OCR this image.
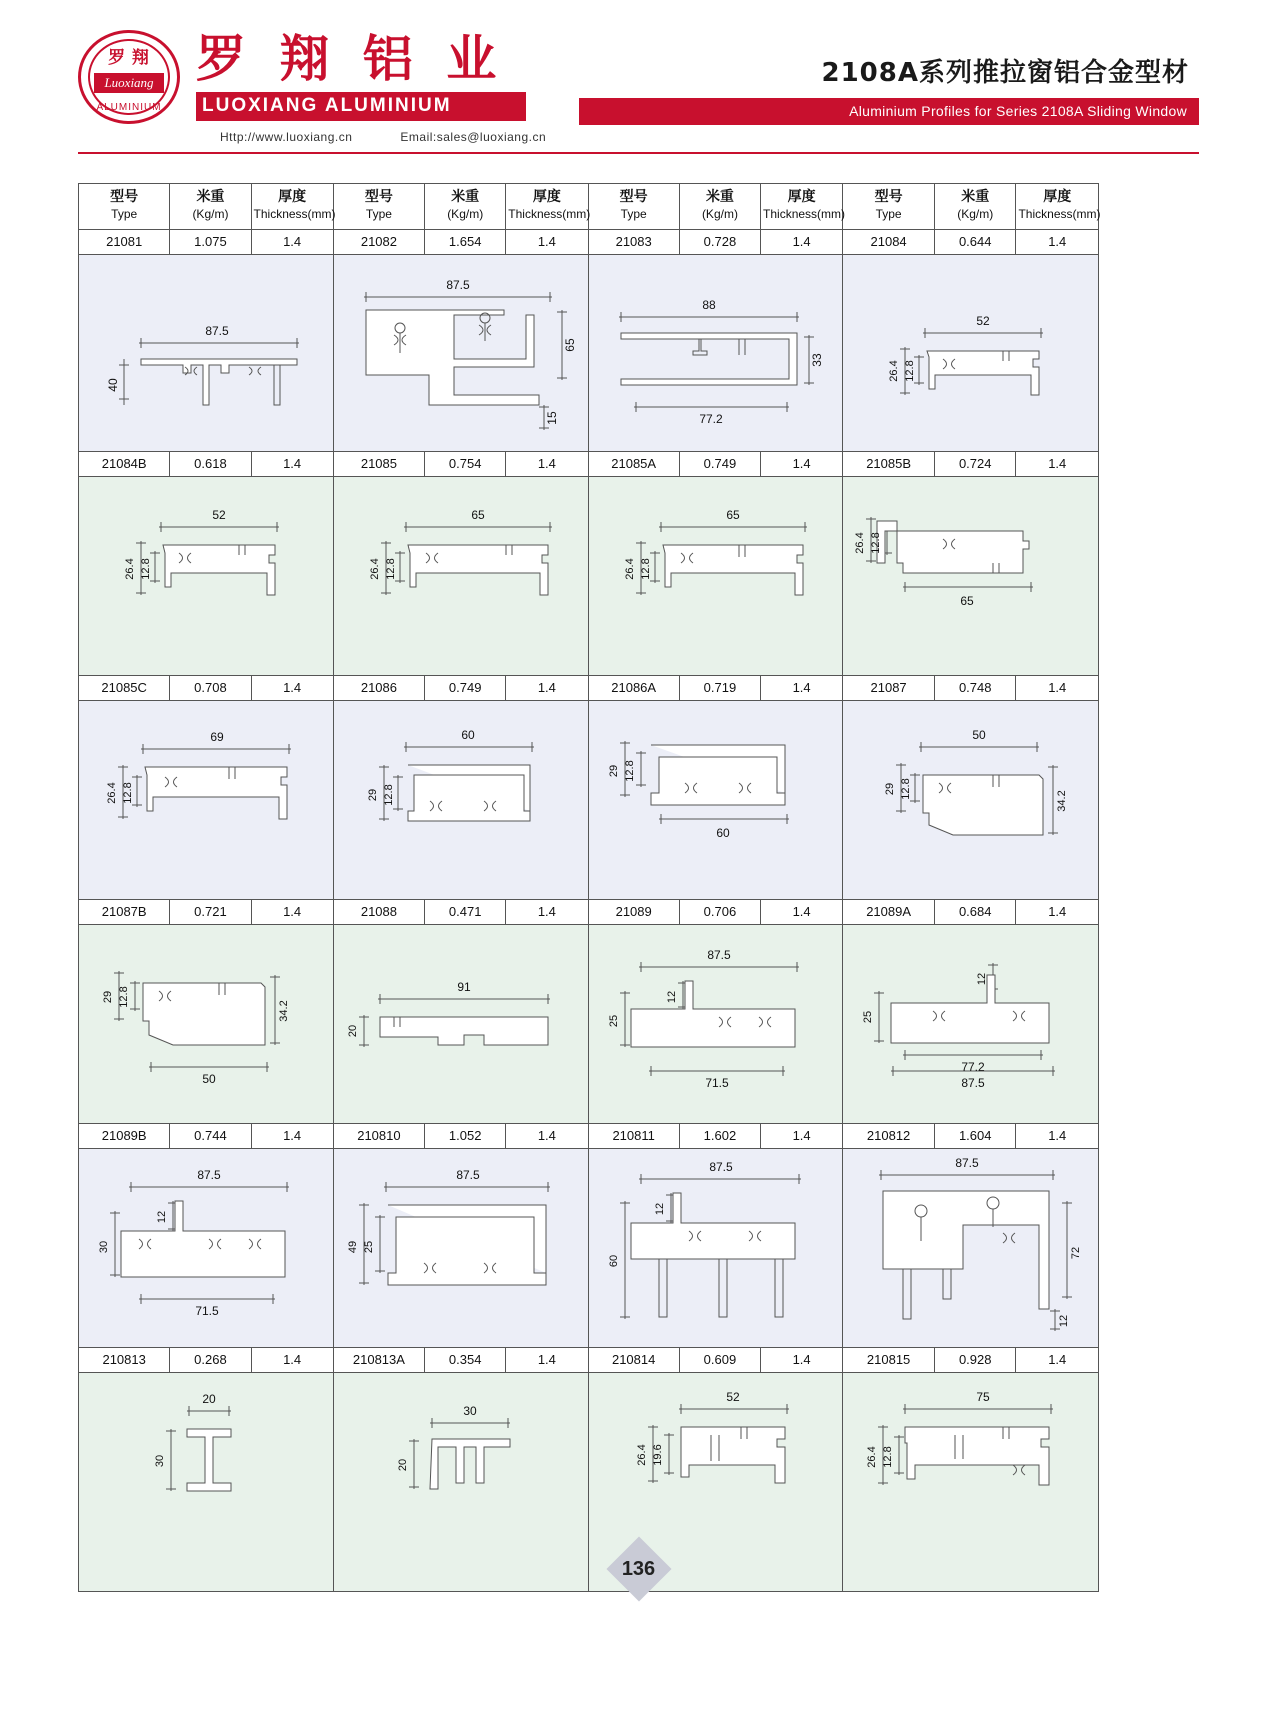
罗 翔
Luoxiang
ALUMINIUM
罗 翔 铝 业
LUOXIANG ALUMINIUM
Http://www.luoxiang.cn	Email:sales@luoxiang.cn
2108A系列推拉窗铝合金型材
Aluminium Profiles for Series 2108A Sliding Window
型号
Type
米重
(Kg/m)
厚度
Thickness(mm)
型号
Type
米重
(Kg/m)
厚度
Thickness(mm)
型号
Type
米重
(Kg/m)
厚度
Thickness(mm)
型号
Type
米重
(Kg/m)
厚度
Thickness(mm)
21081	1.075	1.4	21082	1.654	1.4	21083	0.728	1.4	21084	0.644	1.4
87.5
40
87.5
65
15
88
33
77.2
52
26.4 12.8
21084B	0.618	1.4	21085	0.754	1.4	21085A	0.749	1.4	21085B	0.724	1.4
52
26.4 12.8
65
26.4 12.8
65
26.4 12.8
26.4 12.8
65
21085C	0.708	1.4	21086	0.749	1.4	21086A	0.719	1.4	21087	0.748	1.4
69
26.4 12.8
60
29 12.8
29 12.8
60
50
29 12.8
34.2
21087B	0.721	1.4	21088	0.471	1.4	21089	0.706	1.4	21089A	0.684	1.4
29 12.8
34.2
50
91
20
87.5
12
25
71.5
12
25
77.2
87.5
21089B	0.744	1.4	210810	1.052	1.4	210811	1.602	1.4	210812	1.604	1.4
87.5
12
30
71.5
87.5
49 25
87.5
12
60
87.5
72
12
210813	0.268	1.4	210813A	0.354	1.4	210814	0.609	1.4	210815	0.928	1.4
20
30
30
20
52
26.4 19.6
75
26.4 12.8
136
